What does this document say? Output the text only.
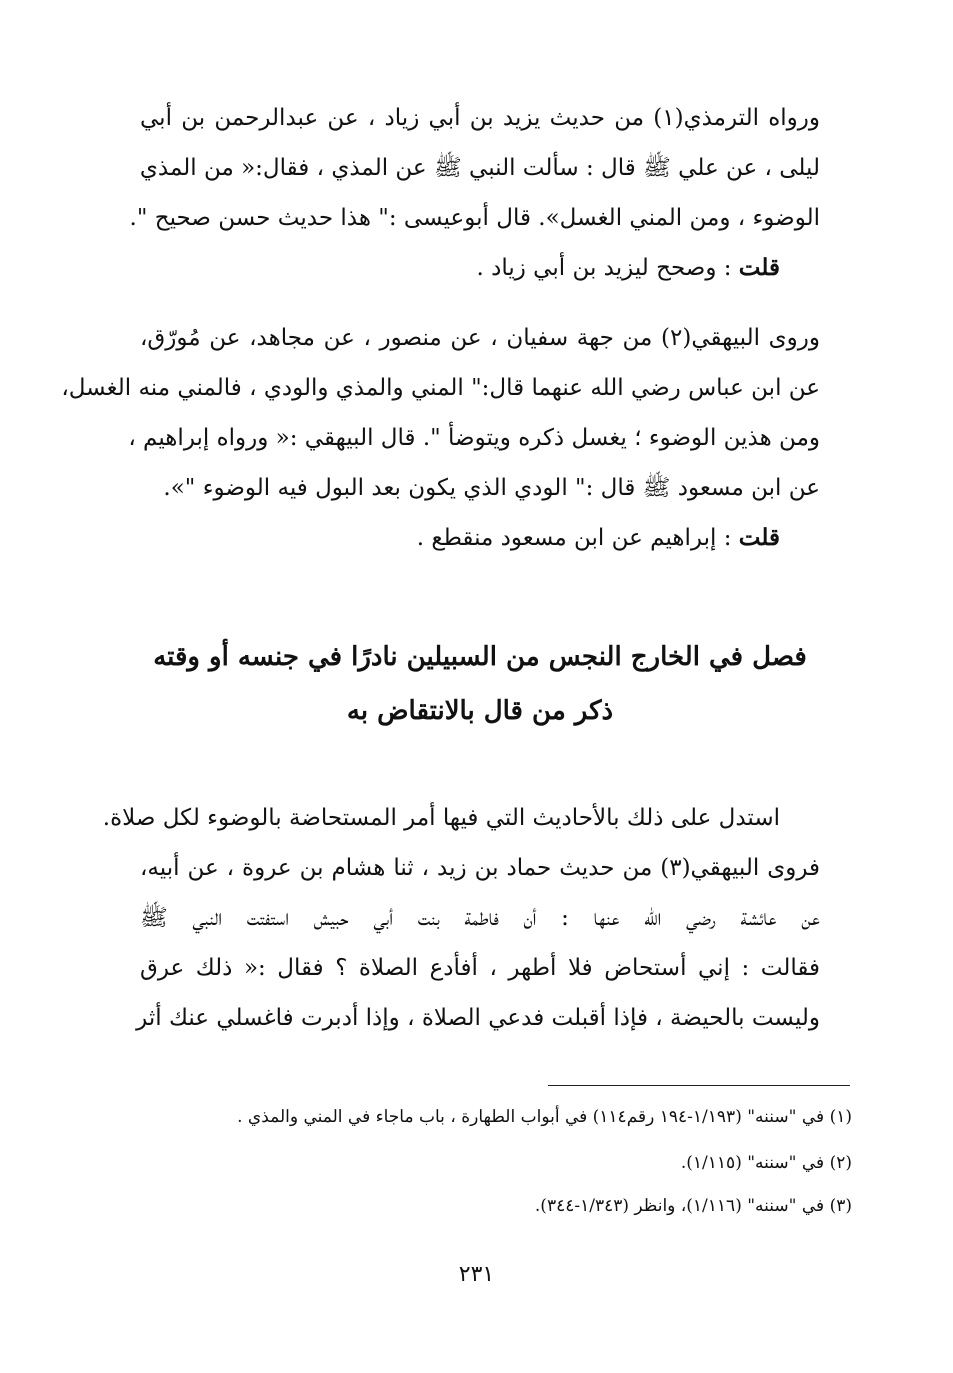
ورواه الترمذي(١) من حديث يزيد بن أبي زياد ، عن عبدالرحمن بن أبي
ليلى ، عن علي ﷺ قال : سألت النبي ﷺ عن المذي ، فقال:« من المذي
الوضوء ، ومن المني الغسل». قال أبوعيسى :" هذا حديث حسن صحيح ".
قلت : وصحح ليزيد بن أبي زياد .
وروى البيهقي(٢) من جهة سفيان ، عن منصور ، عن مجاهد، عن مُورّق،
عن ابن عباس رضي الله عنهما قال:" المني والمذي والودي ، فالمني منه الغسل،
ومن هذين الوضوء ؛ يغسل ذكره ويتوضأ ". قال البيهقي :« ورواه إبراهيم ،
عن ابن مسعود ﷺ قال :" الودي الذي يكون بعد البول فيه الوضوء "».
قلت : إبراهيم عن ابن مسعود منقطع .
فصل في الخارج النجس من السبيلين نادرًا في جنسه أو وقته
ذكر من قال بالانتقاض به
استدل على ذلك بالأحاديث التي فيها أمر المستحاضة بالوضوء لكل صلاة.
فروى البيهقي(٣) من حديث حماد بن زيد ، ثنا هشام بن عروة ، عن أبيه،
عن عائشة رضي الله عنها : أن فاطمة بنت أبي حبيش استفتت النبي ﷺ
فقالت : إني أستحاض فلا أطهر ، أفأدع الصلاة ؟ فقال :« ذلك عرق
وليست بالحيضة ، فإذا أقبلت فدعي الصلاة ، وإذا أدبرت فاغسلي عنك أثر
(١) في "سننه" (١/١٩٣-١٩٤ رقم١١٤) في أبواب الطهارة ، باب ماجاء في المني والمذي .
(٢) في "سننه" (١/١١٥).
(٣) في "سننه" (١/١١٦)، وانظر (١/٣٤٣-٣٤٤).
٢٣١
